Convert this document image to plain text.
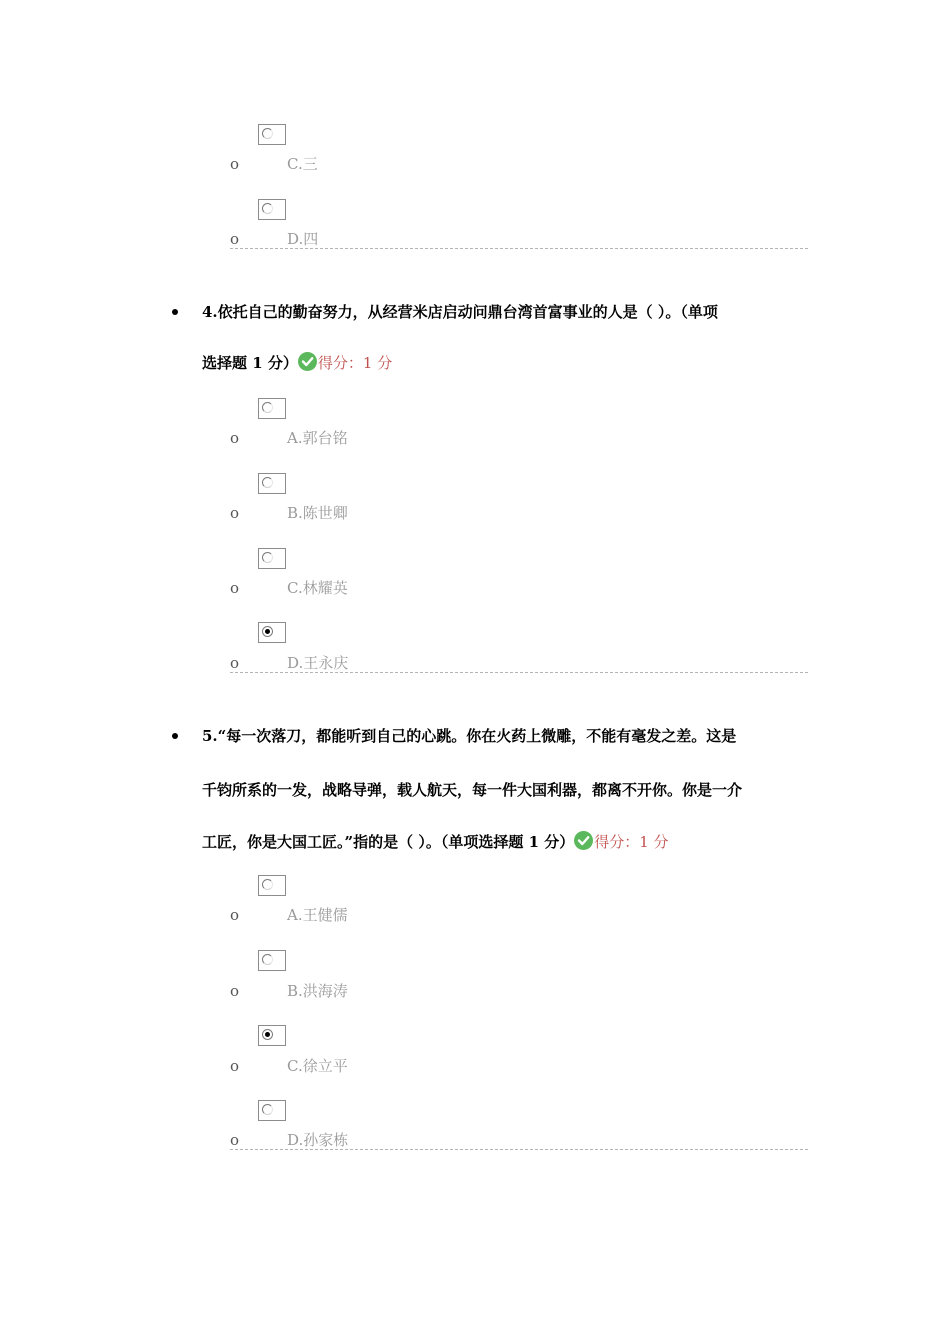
o	C.三
o	D.四
4.依托自己的勤奋努力，从经营米店启动问鼎台湾首富事业的人是（ ）。（单项
选择题 1 分） 得分：1 分
o	A.郭台铭
o	B.陈世卿
o	C.林耀英
o	D.王永庆
5.“每一次落刀，都能听到自己的心跳。你在火药上微雕，不能有毫发之差。这是
千钧所系的一发，战略导弹，载人航天，每一件大国利器，都离不开你。你是一介
工匠，你是大国工匠。”指的是（ ）。（单项选择题 1 分） 得分：1 分
o	A.王健儒
o	B.洪海涛
o	C.徐立平
o	D.孙家栋
